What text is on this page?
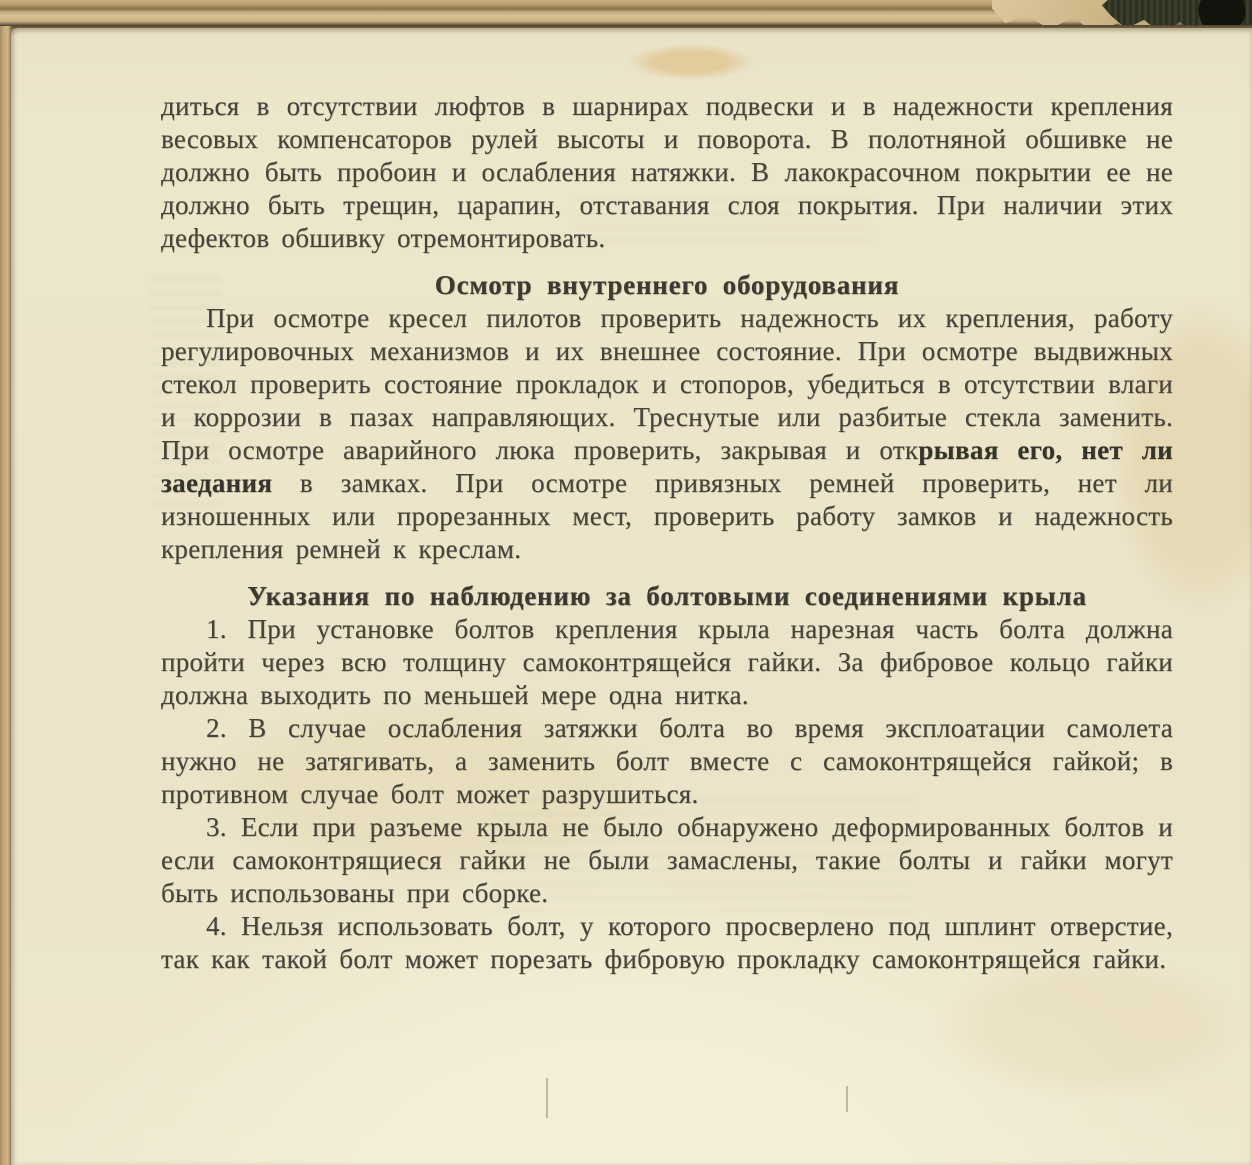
диться в отсутствии люфтов в шарнирах подвески и в надежности крепления весовых компенсаторов рулей высоты и поворота. В полотняной обшивке не должно быть пробоин и ослабления натяжки. В лакокрасочном покрытии ее не должно быть трещин, царапин, отставания слоя покрытия. При наличии этих дефектов обшивку отремонтировать.

Осмотр внутреннего оборудования

При осмотре кресел пилотов проверить надежность их крепления, работу регулировочных механизмов и их внешнее состояние. При осмотре выдвижных стекол проверить состояние прокладок и стопоров, убедиться в отсутствии влаги и коррозии в пазах направляющих. Треснутые или разбитые стекла заменить. При осмотре аварийного люка проверить, закрывая и открывая его, нет ли заедания в замках. При осмотре привязных ремней проверить, нет ли изношенных или прорезанных мест, проверить работу замков и надежность крепления ремней к креслам.

Указания по наблюдению за болтовыми соединениями крыла

1. При установке болтов крепления крыла нарезная часть болта должна пройти через всю толщину самоконтрящейся гайки. За фибровое кольцо гайки должна выходить по меньшей мере одна нитка.

2. В случае ослабления затяжки болта во время эксплоатации самолета нужно не затягивать, а заменить болт вместе с самоконтрящейся гайкой; в противном случае болт может разрушиться.

3. Если при разъеме крыла не было обнаружено деформированных болтов и если самоконтрящиеся гайки не были замаслены, такие болты и гайки могут быть использованы при сборке.

4. Нельзя использовать болт, у которого просверлено под шплинт отверстие, так как такой болт может порезать фибровую прокладку самоконтрящейся гайки.
